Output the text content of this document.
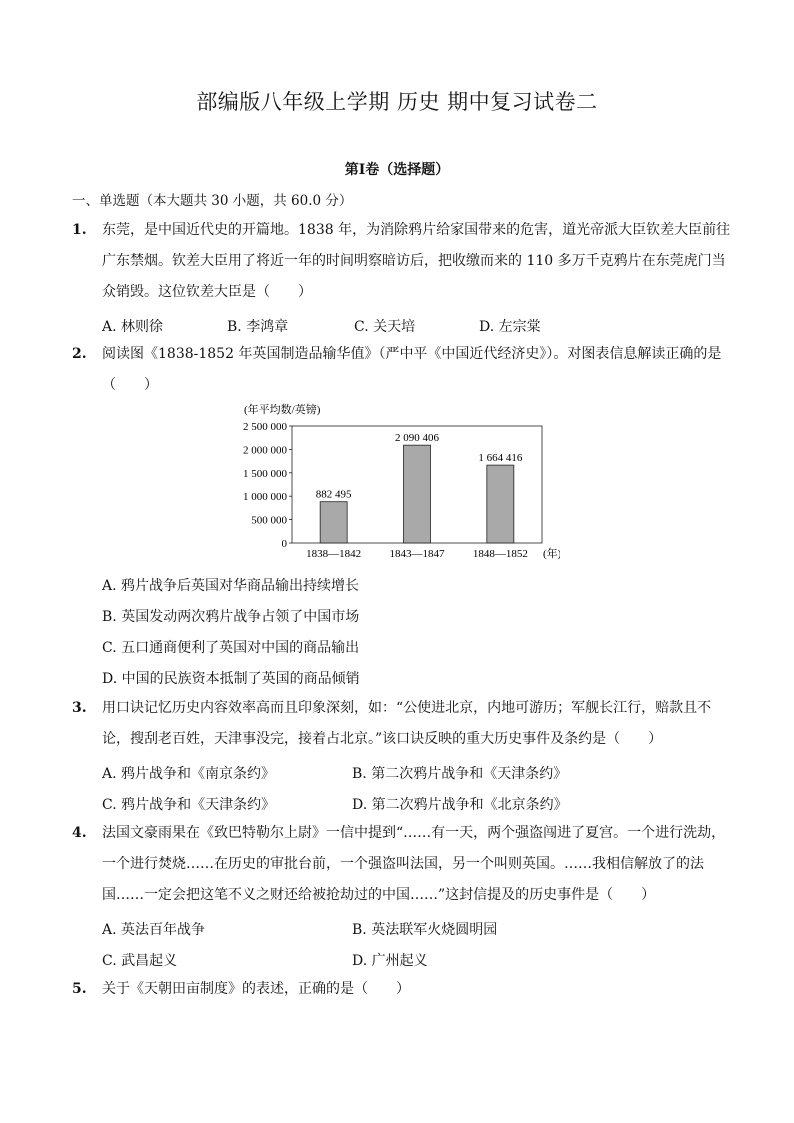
部编版八年级上学期 历史 期中复习试卷二
第I卷（选择题）
一、单选题（本大题共 30 小题，共 60.0 分）
1. 东莞，是中国近代史的开篇地。1838 年，为消除鸦片给家国带来的危害，道光帝派大臣钦差大臣前往
广东禁烟。钦差大臣用了将近一年的时间明察暗访后，把收缴而来的 110 多万千克鸦片在东莞虎门当
众销毁。这位钦差大臣是（　　）
A. 林则徐	B. 李鸿章	C. 关天培	D. 左宗棠
2. 阅读图《1838-1852 年英国制造品输华值》（严中平《中国近代经济史》）。对图表信息解读正确的是
（　　）
(年平均数/英镑)
0
500 000
1 000 000
1 500 000
2 000 000
2 500 000
882 495
1838—1842
2 090 406
1843—1847
1 664 416
1848—1852 (年)
A. 鸦片战争后英国对华商品输出持续增长
B. 英国发动两次鸦片战争占领了中国市场
C. 五口通商便利了英国对中国的商品输出
D. 中国的民族资本抵制了英国的商品倾销
3. 用口诀记忆历史内容效率高而且印象深刻，如：“公使进北京，内地可游历；军舰长江行，赔款且不
论，搜刮老百姓，天津事没完，接着占北京。”该口诀反映的重大历史事件及条约是（　　）
A. 鸦片战争和《南京条约》	B. 第二次鸦片战争和《天津条约》
C. 鸦片战争和《天津条约》	D. 第二次鸦片战争和《北京条约》
4. 法国文豪雨果在《致巴特勒尔上尉》一信中提到“……有一天，两个强盗闯进了夏宫。一个进行洗劫，
一个进行焚烧……在历史的审批台前，一个强盗叫法国，另一个叫则英国。……我相信解放了的法
国……一定会把这笔不义之财还给被抢劫过的中国……”这封信提及的历史事件是（　　）
A. 英法百年战争	B. 英法联军火烧圆明园
C. 武昌起义	D. 广州起义
5. 关于《天朝田亩制度》的表述，正确的是（　　）
